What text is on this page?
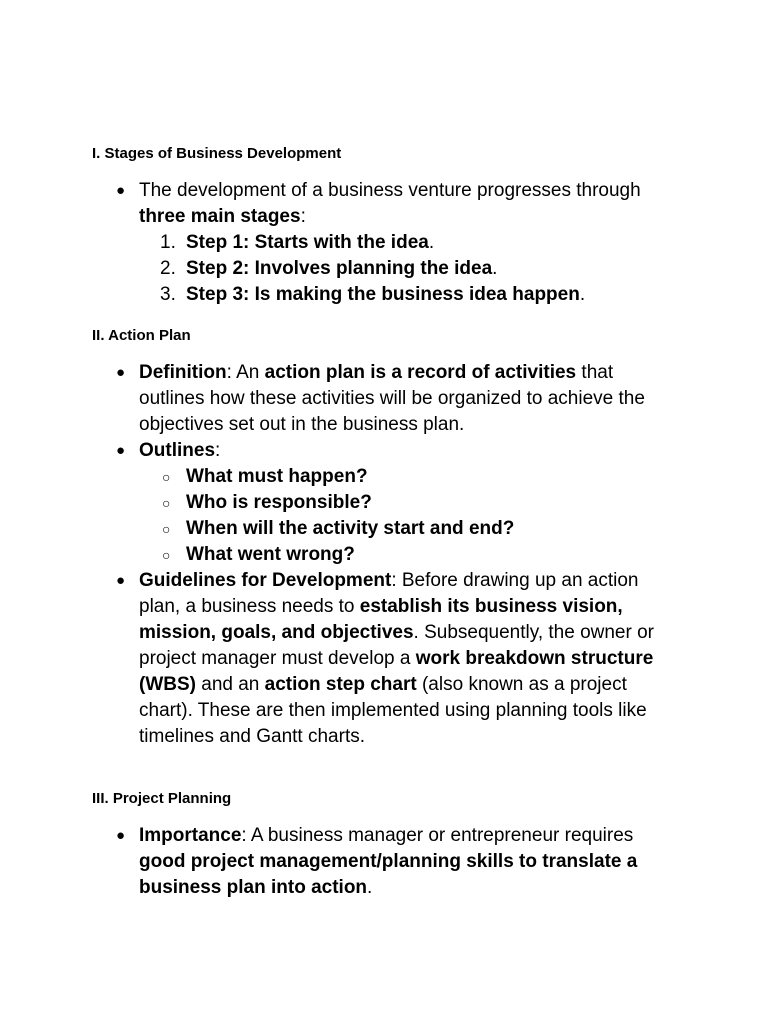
I. Stages of Business Development
● The development of a business venture progresses through three main stages:
1. Step 1: Starts with the idea.
2. Step 2: Involves planning the idea.
3. Step 3: Is making the business idea happen.
II. Action Plan
● Definition: An action plan is a record of activities that outlines how these activities will be organized to achieve the objectives set out in the business plan.
● Outlines:
○ What must happen?
○ Who is responsible?
○ When will the activity start and end?
○ What went wrong?
● Guidelines for Development: Before drawing up an action plan, a business needs to establish its business vision, mission, goals, and objectives. Subsequently, the owner or project manager must develop a work breakdown structure (WBS) and an action step chart (also known as a project chart). These are then implemented using planning tools like timelines and Gantt charts.
III. Project Planning
● Importance: A business manager or entrepreneur requires good project management/planning skills to translate a business plan into action.
